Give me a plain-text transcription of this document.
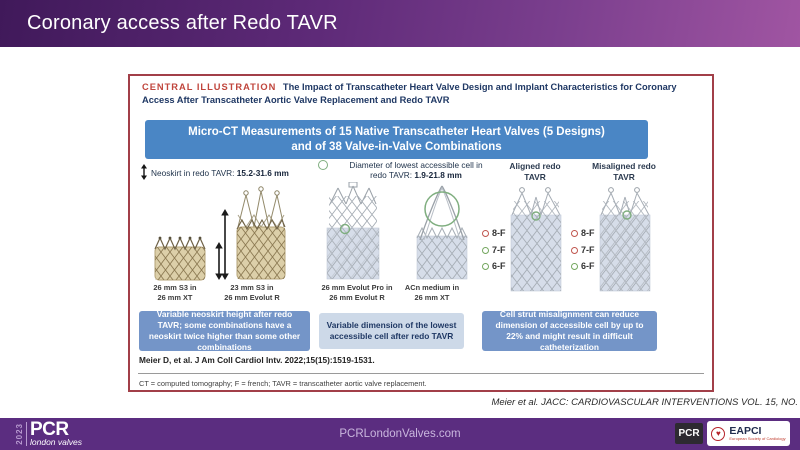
Coronary access after Redo TAVR

CENTRAL ILLUSTRATION The Impact of Transcatheter Heart Valve Design and Implant Characteristics for Coronary Access After Transcatheter Aortic Valve Replacement and Redo TAVR

Micro-CT Measurements of 15 Native Transcatheter Heart Valves (5 Designs)
and of 38 Valve-in-Valve Combinations
Neoskirt in redo TAVR: 15.2-31.6 mm
Diameter of lowest accessible cell in
redo TAVR: 1.9-21.8 mm
Aligned redo TAVR
Misaligned redo TAVR
8-F
7-F
6-F
8-F
7-F
6-F
26 mm S3 in
26 mm XT
23 mm S3 in
26 mm Evolut R
26 mm Evolut Pro in
26 mm Evolut R
ACn medium in
26 mm XT
Variable neoskirt height after redo TAVR; some combinations have a neoskirt twice higher than some other combinations
Variable dimension of the lowest accessible cell after redo TAVR
Cell strut misalignment can reduce dimension of accessible cell by up to 22% and might result in difficult catheterization

Meier D, et al. J Am Coll Cardiol Intv. 2022;15(15):1519-1531.

CT = computed tomography; F = french; TAVR = transcatheter aortic valve replacement.

Meier et al. JACC: CARDIOVASCULAR INTERVENTIONS VOL. 15, NO.

2023 PCR
london valves
PCRLondonValves.com	PCR	♥ EAPCI
European Society of Cardiology
